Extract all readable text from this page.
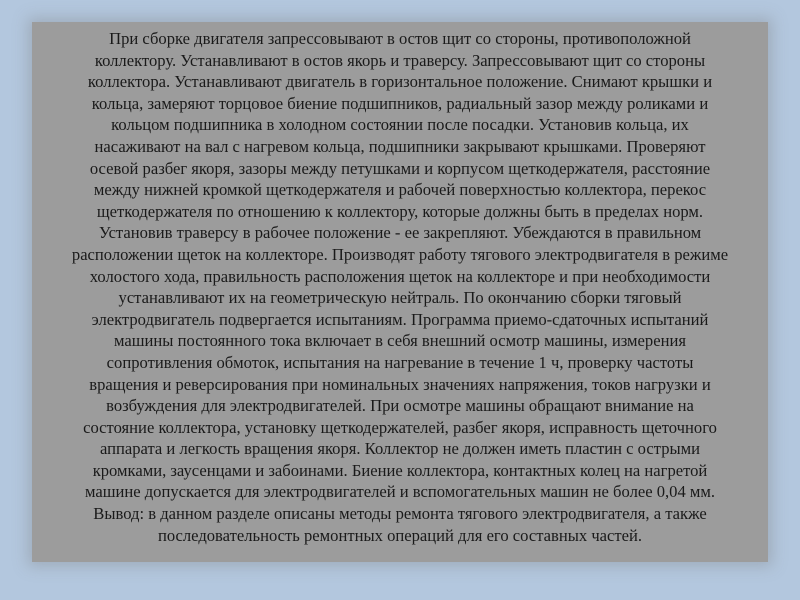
При сборке двигателя запрессовывают в остов щит со стороны, противоположной
коллектору. Устанавливают в остов якорь и траверсу. Запрессовывают щит со стороны
коллектора. Устанавливают двигатель в горизонтальное положение. Снимают крышки и
кольца, замеряют торцовое биение подшипников, радиальный зазор между роликами и
кольцом подшипника в холодном состоянии после посадки. Установив кольца, их
насаживают на вал с нагревом кольца, подшипники закрывают крышками. Проверяют
осевой разбег якоря, зазоры между петушками и корпусом щеткодержателя, расстояние
между нижней кромкой щеткодержателя и рабочей поверхностью коллектора, перекос
щеткодержателя по отношению к коллектору, которые должны быть в пределах норм.
Установив траверсу в рабочее положение - ее закрепляют. Убеждаются в правильном
расположении щеток на коллекторе. Производят работу тягового электродвигателя в режиме
холостого хода, правильность расположения щеток на коллекторе и при необходимости
устанавливают их на геометрическую нейтраль. По окончанию сборки тяговый
электродвигатель подвергается испытаниям. Программа приемо-сдаточных испытаний
машины постоянного тока включает в себя внешний осмотр машины, измерения
сопротивления обмоток, испытания на нагревание в течение 1 ч, проверку частоты
вращения и реверсирования при номинальных значениях напряжения, токов нагрузки и
возбуждения для электродвигателей. При осмотре машины обращают внимание на
состояние коллектора, установку щеткодержателей, разбег якоря, исправность щеточного
аппарата и легкость вращения якоря. Коллектор не должен иметь пластин с острыми
кромками, заусенцами и забоинами. Биение коллектора, контактных колец на нагретой
машине допускается для электродвигателей и вспомогательных машин не более 0,04 мм.
Вывод: в данном разделе описаны методы ремонта тягового электродвигателя, а также
последовательность ремонтных операций для его составных частей.
